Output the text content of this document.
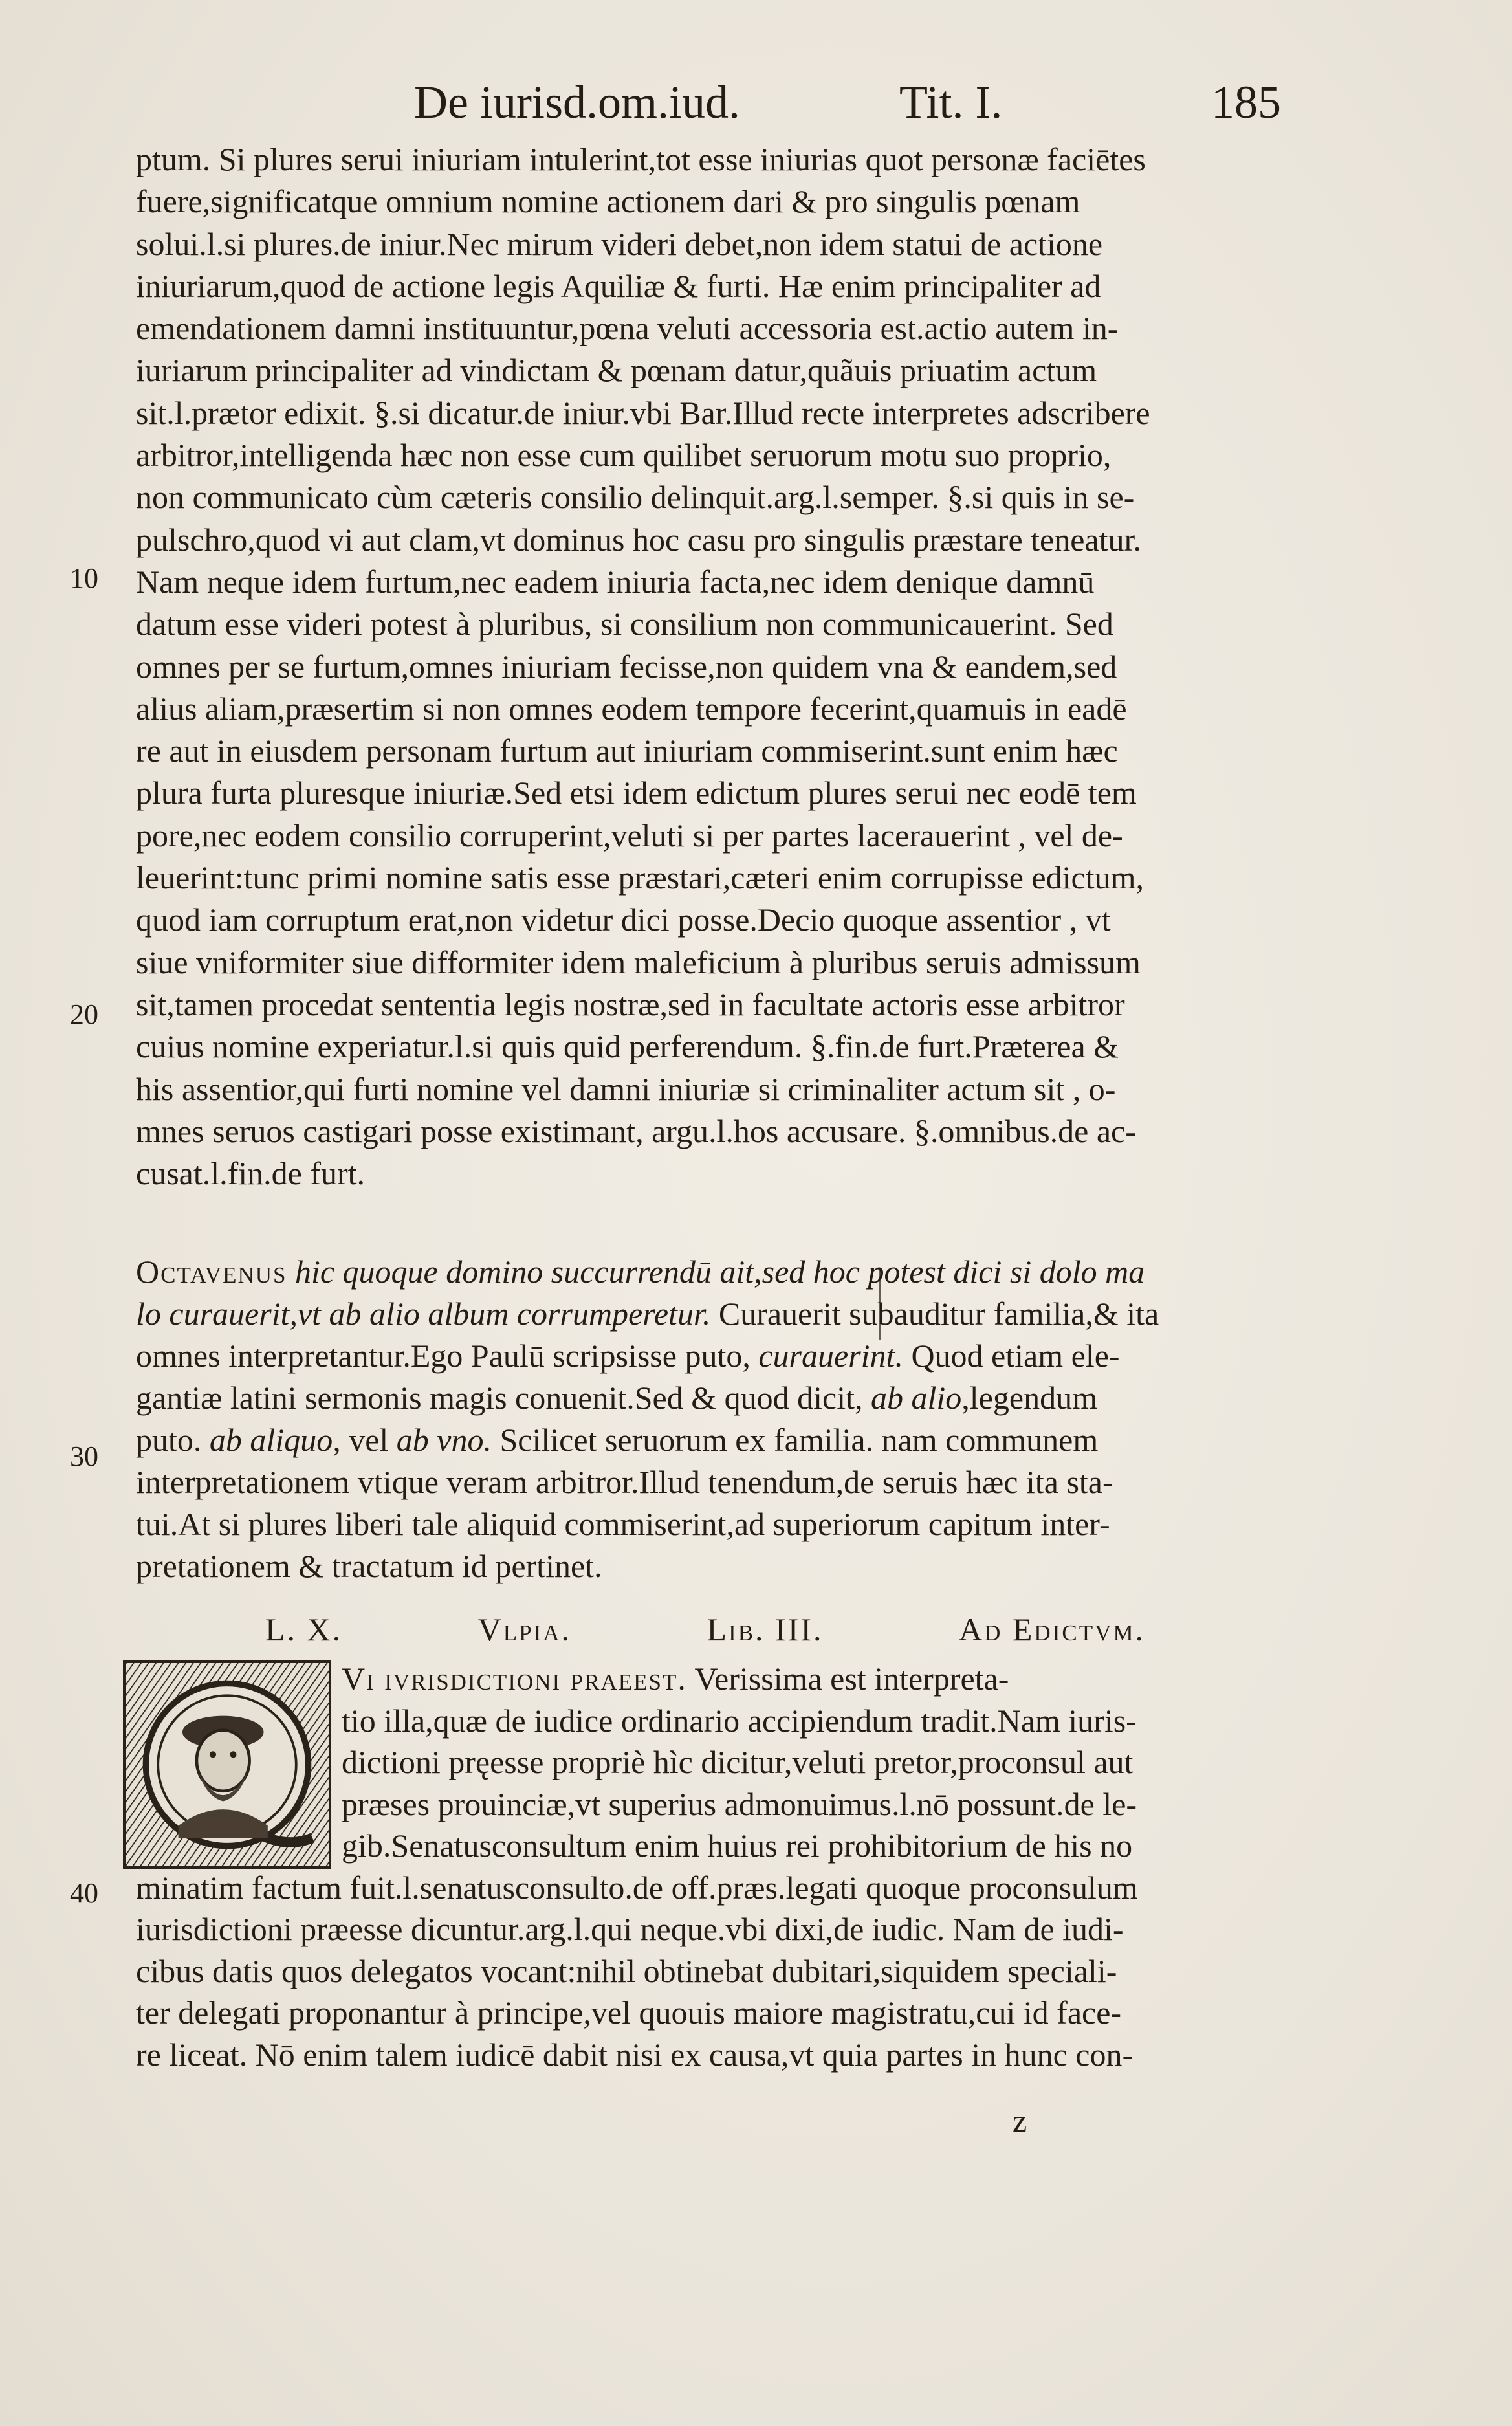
De iurisd.om.iud.	Tit. I.	185
ptum. Si plures serui iniuriam intulerint,tot esse iniurias quot personæ faciētes
fuere,significatque omnium nomine actionem dari & pro singulis pœnam
solui.l.si plures.de iniur.Nec mirum videri debet,non idem statui de actione
iniuriarum,quod de actione legis Aquiliæ & furti. Hæ enim principaliter ad
emendationem damni instituuntur,pœna veluti accessoria est.actio autem in-
iuriarum principaliter ad vindictam & pœnam datur,quãuis priuatim actum
sit.l.prætor edixit. §.si dicatur.de iniur.vbi Bar.Illud recte interpretes adscribere
arbitror,intelligenda hæc non esse cum quilibet seruorum motu suo proprio,
non communicato cùm cæteris consilio delinquit.arg.l.semper. §.si quis in se-
pulschro,quod vi aut clam,vt dominus hoc casu pro singulis præstare teneatur.
Nam neque idem furtum,nec eadem iniuria facta,nec idem denique damnū
datum esse videri potest à pluribus, si consilium non communicauerint. Sed
omnes per se furtum,omnes iniuriam fecisse,non quidem vna & eandem,sed
alius aliam,præsertim si non omnes eodem tempore fecerint,quamuis in eadē
re aut in eiusdem personam furtum aut iniuriam commiserint.sunt enim hæc
plura furta pluresque iniuriæ.Sed etsi idem edictum plures serui nec eodē tem
pore,nec eodem consilio corruperint,veluti si per partes lacerauerint , vel de-
leuerint:tunc primi nomine satis esse præstari,cæteri enim corrupisse edictum,
quod iam corruptum erat,non videtur dici posse.Decio quoque assentior , vt
siue vniformiter siue difformiter idem maleficium à pluribus seruis admissum
sit,tamen procedat sententia legis nostræ,sed in facultate actoris esse arbitror
cuius nomine experiatur.l.si quis quid perferendum. §.fin.de furt.Præterea &
his assentior,qui furti nomine vel damni iniuriæ si criminaliter actum sit , o-
mnes seruos castigari posse existimant, argu.l.hos accusare. §.omnibus.de ac-
cusat.l.fin.de furt.
10
20
30
40
Octavenus hic quoque domino succurrendū ait,sed hoc potest dici si dolo ma
lo curauerit,vt ab alio album corrumperetur. Curauerit subauditur familia,& ita
omnes interpretantur.Ego Paulū scripsisse puto, curauerint. Quod etiam ele-
gantiæ latini sermonis magis conuenit.Sed & quod dicit, ab alio,legendum
puto. ab aliquo, vel ab vno. Scilicet seruorum ex familia. nam communem
interpretationem vtique veram arbitror.Illud tenendum,de seruis hæc ita sta-
tui.At si plures liberi tale aliquid commiserint,ad superiorum capitum inter-
pretationem & tractatum id pertinet.
L. X.	Vlpia.	Lib. III.	Ad Edictvm.
Vi ivrisdictioni praeest. Verissima est interpreta-
tio illa,quæ de iudice ordinario accipiendum tradit.Nam iuris-
dictioni pręesse propriè hìc dicitur,veluti pretor,proconsul aut
præses prouinciæ,vt superius admonuimus.l.nō possunt.de le-
gib.Senatusconsultum enim huius rei prohibitorium de his no
minatim factum fuit.l.senatusconsulto.de off.præs.legati quoque proconsulum
iurisdictioni præesse dicuntur.arg.l.qui neque.vbi dixi,de iudic. Nam de iudi-
cibus datis quos delegatos vocant:nihil obtinebat dubitari,siquidem speciali-
ter delegati proponantur à principe,vel quouis maiore magistratu,cui id face-
re liceat. Nō enim talem iudicē dabit nisi ex causa,vt quia partes in hunc con-
z
